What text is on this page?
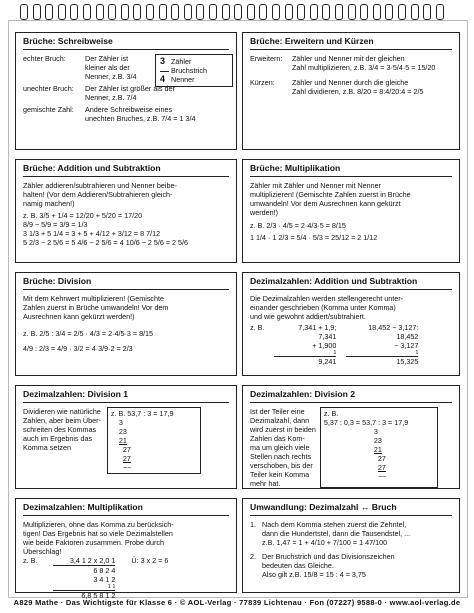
Brüche: Schreibweise
echter Bruch:	Der Zähler ist
kleiner als der
Nenner, z.B. 3/4
3 Zähler
Bruchstrich
4 Nenner
unechter Bruch:	Der Zähler ist größer als der
Nenner, z.B. 7/4
gemischte Zahl:	Andere Schreibweise eines
unechten Bruches, z.B. 7/4 = 1 3/4
Brüche: Erweitern und Kürzen
Erweitern:	Zähler und Nenner mit der gleichen
Zahl multiplizieren, z.B. 3/4 = 3·5/4·5 = 15/20
Kürzen:	Zähler und Nenner durch die gleiche
Zahl dividieren, z.B. 8/20 = 8:4/20:4 = 2/5
Brüche: Addition und Subtraktion
Zähler addieren/subtrahieren und Nenner beibe-
halten! (Vor dem Addieren/Subtrahieren gleich-
namig machen!)
z. B. 3/5 + 1/4 = 12/20 + 5/20 = 17/20
8/9 − 5/9 = 3/9 = 1/3
3 1/3 + 5 1/4 = 3 + 5 + 4/12 + 3/12 = 8 7/12
5 2/3 − 2 5/6 = 5 4/6 − 2 5/6 = 4 10/6 − 2 5/6 = 2 5/6
Brüche: Multiplikation
Zähler mit Zähler und Nenner mit Nenner
multiplizieren! (Gemischte Zahlen zuerst in Brüche
umwandeln! Vor dem Ausrechnen kann gekürzt
werden!)
z. B. 2/3 · 4/5 = 2·4/3·5 = 8/15
1 1/4 · 1 2/3 = 5/4 · 5/3 = 25/12 = 2 1/12
Brüche: Division
Mit dem Kehrwert multiplizieren! (Gemischte
Zahlen zuerst in Brüche umwandeln! Vor dem
Ausrechnen kann gekürzt werden!)
z. B. 2/5 : 3/4 = 2/5 · 4/3 = 2·4/5·3 = 8/15
4/9 : 2/3 = 4/9 · 3/2 = 4·3/9·2 = 2/3
Dezimalzahlen: Addition und Subtraktion
Die Dezimalzahlen werden stellengerecht unter-
einander geschrieben (Komma unter Komma)
und wie gewohnt addiert/subtrahiert.
z. B.	7,341 + 1,9;
7,341
+ 1,900
1
9,241
18,452 − 3,127:
18,452
− 3,127
1
15,325
Dezimalzahlen: Division 1
Dividieren wie natürliche
Zahlen, aber beim Über-
schreiten des Kommas
auch im Ergebnis das
Komma setzen
z. B. 53,7 : 3 = 17,9
3
23
21
27
27
−−
Dezimalzahlen: Division 2
Ist der Teiler eine
Dezimalzahl, dann
wird zuerst in beiden
Zahlen das Kom-
ma um gleich viele
Stellen nach rechts
verschoben, bis der
Teiler kein Komma
mehr hat.
z. B.
5,37 : 0,3 = 53,7 : 3 = 17,9
3
23
21
27
27
−−
Dezimalzahlen: Multiplikation
Multiplizieren, ohne das Komma zu berücksich-
tigen! Das Ergebnis hat so viele Dezimalstellen
wie beide Faktoren zusammen. Probe durch
Überschlag!
z. B.	3,4 1 2 x 2,0 1
6 8 2 4
3 4 1 2
1 1
6,8 5 8 1 2
Ü: 3 x 2 = 6
Umwandlung: Dezimalzahl ↔ Bruch
1. Nach dem Komma stehen zuerst die Zehntel,
dann die Hundertstel, dann die Tausendstel, ...
z.B. 1,47 = 1 + 4/10 + 7/100 = 1 47/100
2. Der Bruchstrich und das Divisionszeichen
bedeuten das Gleiche.
Also gilt z.B. 15/8 = 15 : 4 = 3,75
A829 Mathe · Das Wichtigste für Klasse 6 · © AOL-Verlag · 77839 Lichtenau · Fon (07227) 9588-0 · www.aol-verlag.de
